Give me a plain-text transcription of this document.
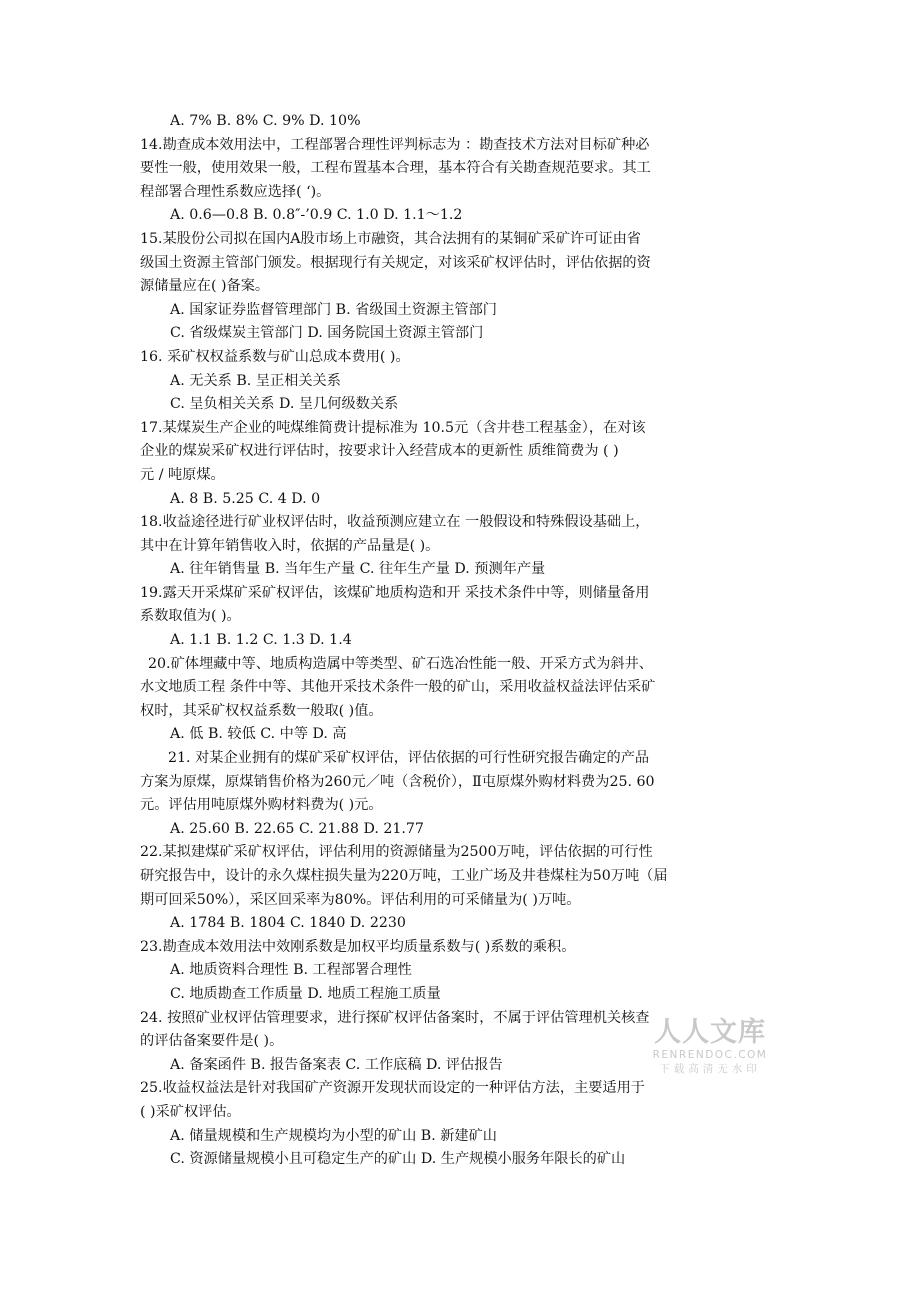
A. 7% B. 8% C. 9% D. 10%
14.勘查成本效用法中，工程部署合理性评判标志为 ：勘查技术方法对目标矿种必
要性一般，使用效果一般，工程布置基本合理，基本符合有关勘查规范要求。其工
程部署合理性系数应选择( ‘)。
A. 0.6—0.8 B. 0.8″-’0.9 C. 1.0 D. 1.1～1.2
15.某股份公司拟在国内A股市场上市融资，其合法拥有的某铜矿采矿许可证由省
级国土资源主管部门颁发。根据现行有关规定，对该采矿权评估时，评估依据的资
源储量应在( )备案。
A. 国家证券监督管理部门 B. 省级国土资源主管部门
C. 省级煤炭主管部门 D. 国务院国土资源主管部门
16. 采矿权权益系数与矿山总成本费用( )。
A. 无关系 B. 呈正相关关系
C. 呈负相关关系 D. 呈几何级数关系
17.某煤炭生产企业的吨煤维简费计提标准为 10.5元（含井巷工程基金），在对该
企业的煤炭采矿权进行评估时，按要求计入经营成本的更新性 质维简费为 ( )
元 / 吨原煤。
A. 8 B. 5.25 C. 4 D. 0
18.收益途径进行矿业权评估时，收益预测应建立在 一般假设和特殊假设基础上，
其中在计算年销售收入时，依据的产品量是( )。
A. 往年销售量 B. 当年生产量 C. 往年生产量 D. 预测年产量
19.露天开采煤矿采矿权评估，该煤矿地质构造和开 采技术条件中等，则储量备用
系数取值为( )。
A. 1.1 B. 1.2 C. 1.3 D. 1.4
20.矿体埋藏中等、地质构造属中等类型、矿石选冶性能一般、开采方式为斜井、
水文地质工程 条件中等、其他开采技术条件一般的矿山，采用收益权益法评估采矿
权时，其采矿权权益系数一般取( )值。
A. 低 B. 较低 C. 中等 D. 高
21. 对某企业拥有的煤矿采矿权评估，评估依据的可行性研究报告确定的产品
方案为原煤，原煤销售价格为260元／吨（含税价），Ⅱ屯原煤外购材料费为25. 60
元。评估用吨原煤外购材料费为( )元。
A. 25.60 B. 22.65 C. 21.88 D. 21.77
22.某拟建煤矿采矿权评估，评估利用的资源储量为2500万吨，评估依据的可行性
研究报告中，设计的永久煤柱损失量为220万吨，工业广场及井巷煤柱为50万吨（届
期可回采50%），采区回采率为80%。评估利用的可采储量为( )万吨。
A. 1784 B. 1804 C. 1840 D. 2230
23.勘查成本效用法中效刚系数是加权平均质量系数与( )系数的乘积。
A. 地质资料合理性 B. 工程部署合理性
C. 地质勘查工作质量 D. 地质工程施工质量
24. 按照矿业权评估管理要求，进行探矿权评估备案时，不属于评估管理机关核查
的评估备案要件是( )。
A. 备案函件 B. 报告备案表 C. 工作底稿 D. 评估报告
25.收益权益法是针对我国矿产资源开发现状而设定的一种评估方法，主要适用于
( )采矿权评估。
A. 储量规模和生产规模均为小型的矿山 B. 新建矿山
C. 资源储量规模小且可稳定生产的矿山 D. 生产规模小服务年限长的矿山
人人文库
RENRENDOC.COM
下载高清无水印
